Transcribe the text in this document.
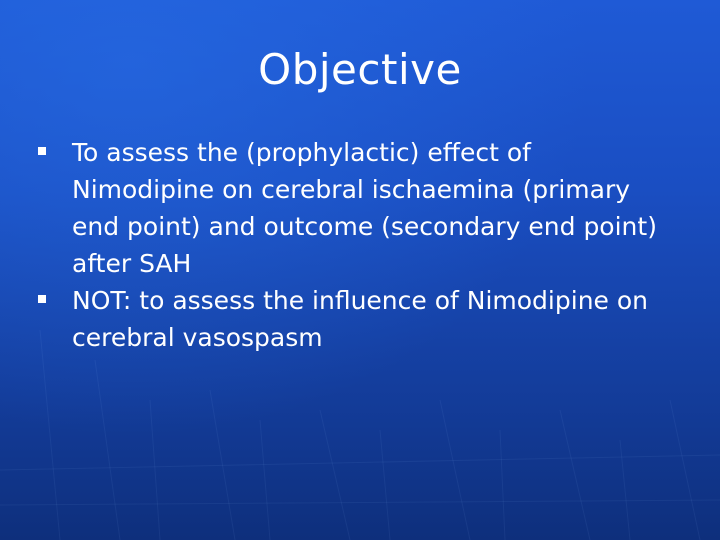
Objective
To assess the (prophylactic) effect of Nimodipine on cerebral ischaemina (primary end point) and outcome (secondary end point) after SAH
NOT: to assess the influence of Nimodipine on cerebral vasospasm
